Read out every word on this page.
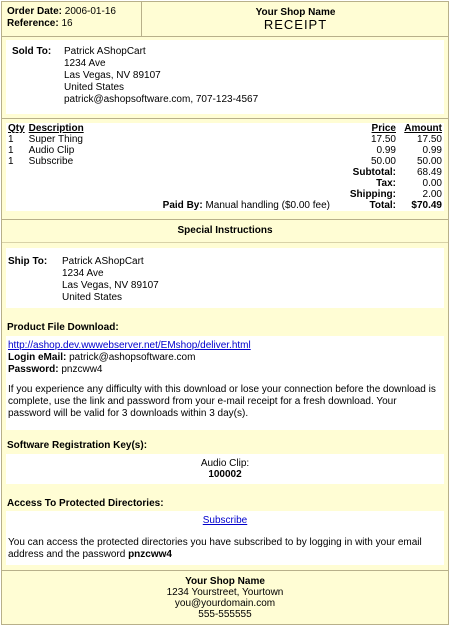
Order Date: 2006-01-16
Reference: 16
Your Shop Name
RECEIPT
Sold To: Patrick AShopCart
1234 Ave
Las Vegas, NV 89107
United States
patrick@ashopsoftware.com, 707-123-4567
Qty	Description	Price	Amount
1	Super Thing	17.50	17.50
1	Audio Clip	0.99	0.99
1	Subscribe	50.00	50.00
		Subtotal:	68.49
		Tax:	0.00
		Shipping:	2.00
Paid By: Manual handling ($0.00 fee)		Total:	$70.49
Special Instructions
Ship To: Patrick AShopCart
1234 Ave
Las Vegas, NV 89107
United States
Product File Download:
http://ashop.dev.wwwebserver.net/EMshop/deliver.html
Login eMail: patrick@ashopsoftware.com
Password: pnzcww4
If you experience any difficulty with this download or lose your connection before the download is complete, use the link and password from your e-mail receipt for a fresh download. Your password will be valid for 3 downloads within 3 day(s).
Software Registration Key(s):
Audio Clip:
100002
Access To Protected Directories:
Subscribe
You can access the protected directories you have subscribed to by logging in with your email address and the password pnzcww4
Your Shop Name
1234 Yourstreet, Yourtown
you@yourdomain.com
555-555555
